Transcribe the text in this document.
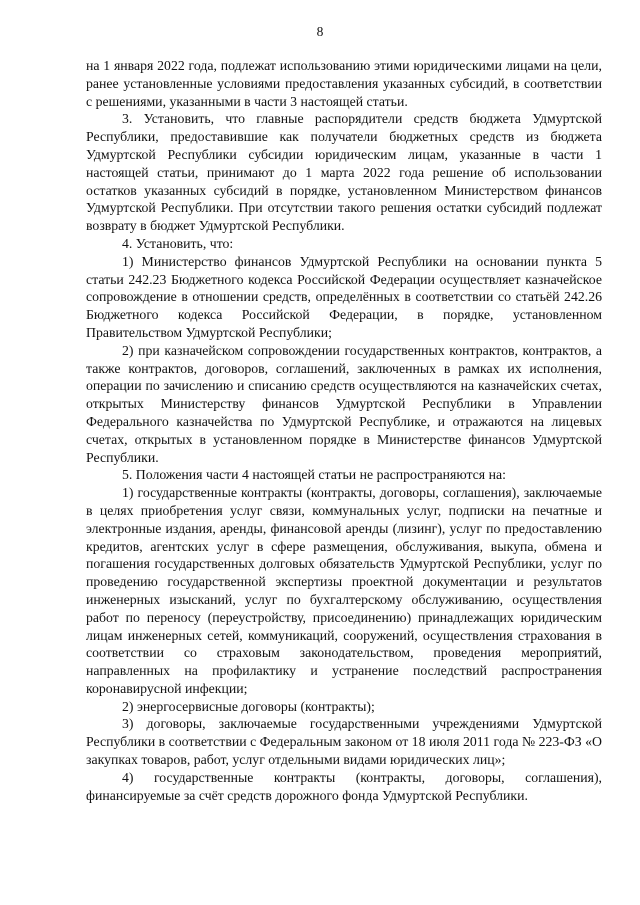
8

на 1 января 2022 года, подлежат использованию этими юридическими лицами на цели, ранее установленные условиями предоставления указанных субсидий, в соответствии с решениями, указанными в части 3 настоящей статьи.

3. Установить, что главные распорядители средств бюджета Удмуртской Республики, предоставившие как получатели бюджетных средств из бюджета Удмуртской Республики субсидии юридическим лицам, указанные в части 1 настоящей статьи, принимают до 1 марта 2022 года решение об использовании остатков указанных субсидий в порядке, установленном Министерством финансов Удмуртской Республики. При отсутствии такого решения остатки субсидий подлежат возврату в бюджет Удмуртской Республики.

4. Установить, что:

1) Министерство финансов Удмуртской Республики на основании пункта 5 статьи 242.23 Бюджетного кодекса Российской Федерации осуществляет казначейское сопровождение в отношении средств, определённых в соответствии со статьёй 242.26 Бюджетного кодекса Российской Федерации, в порядке, установленном Правительством Удмуртской Республики;

2) при казначейском сопровождении государственных контрактов, контрактов, а также контрактов, договоров, соглашений, заключенных в рамках их исполнения, операции по зачислению и списанию средств осуществляются на казначейских счетах, открытых Министерству финансов Удмуртской Республики в Управлении Федерального казначейства по Удмуртской Республике, и отражаются на лицевых счетах, открытых в установленном порядке в Министерстве финансов Удмуртской Республики.

5. Положения части 4 настоящей статьи не распространяются на:

1) государственные контракты (контракты, договоры, соглашения), заключаемые в целях приобретения услуг связи, коммунальных услуг, подписки на печатные и электронные издания, аренды, финансовой аренды (лизинг), услуг по предоставлению кредитов, агентских услуг в сфере размещения, обслуживания, выкупа, обмена и погашения государственных долговых обязательств Удмуртской Республики, услуг по проведению государственной экспертизы проектной документации и результатов инженерных изысканий, услуг по бухгалтерскому обслуживанию, осуществления работ по переносу (переустройству, присоединению) принадлежащих юридическим лицам инженерных сетей, коммуникаций, сооружений, осуществления страхования в соответствии со страховым законодательством, проведения мероприятий, направленных на профилактику и устранение последствий распространения коронавирусной инфекции;

2) энергосервисные договоры (контракты);

3) договоры, заключаемые государственными учреждениями Удмуртской Республики в соответствии с Федеральным законом от 18 июля 2011 года № 223-ФЗ «О закупках товаров, работ, услуг отдельными видами юридических лиц»;

4) государственные контракты (контракты, договоры, соглашения), финансируемые за счёт средств дорожного фонда Удмуртской Республики.
